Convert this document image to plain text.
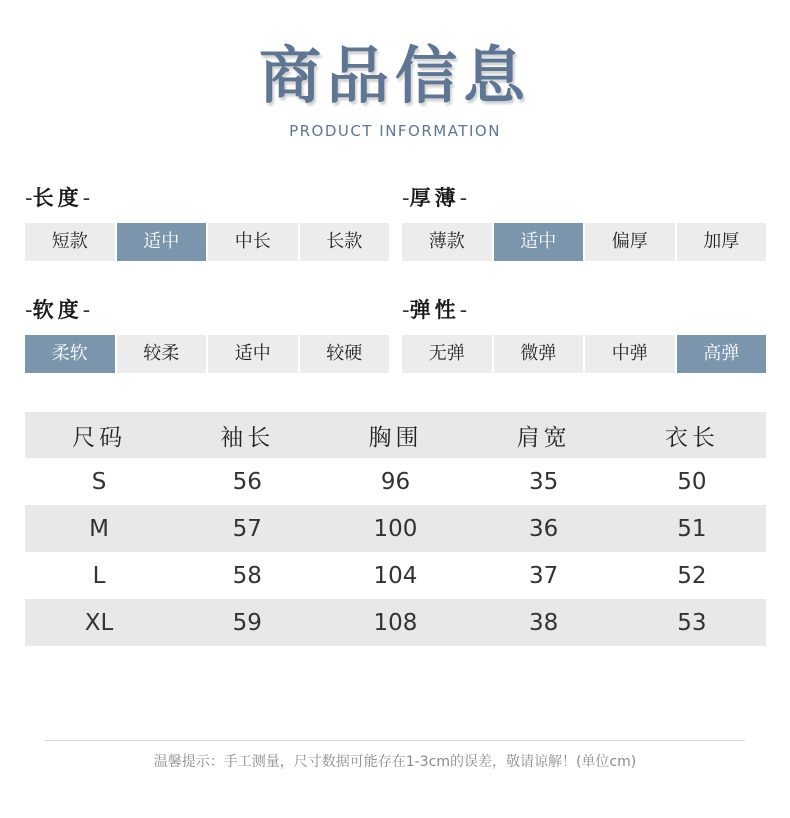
商品信息
PRODUCT INFORMATION
-长度-
短款	适中	中长	长款
-厚薄-
薄款	适中	偏厚	加厚
-软度-
柔软	较柔	适中	较硬
-弹性-
无弹	微弹	中弹	高弹
尺码	袖长	胸围	肩宽	衣长
S	56	96	35	50
M	57	100	36	51
L	58	104	37	52
XL	59	108	38	53
温馨提示：手工测量，尺寸数据可能存在1-3cm的误差，敬请谅解！(单位cm)
